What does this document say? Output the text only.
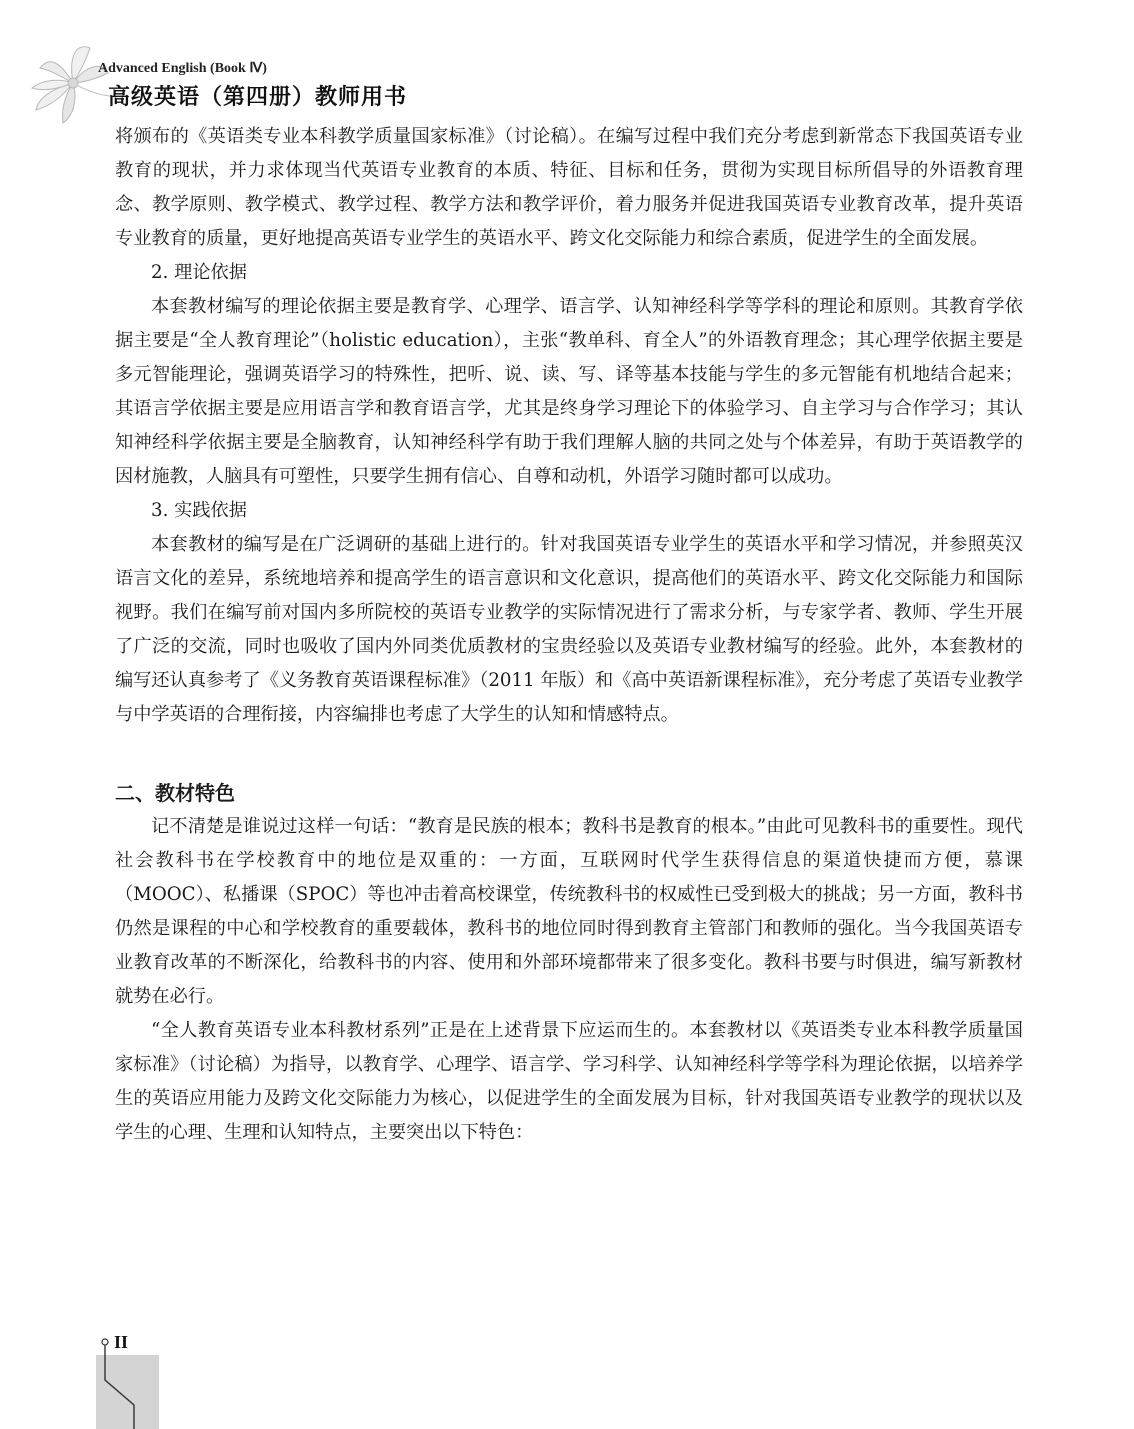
Advanced English (Book Ⅳ)
高级英语（第四册）教师用书

将颁布的《英语类专业本科教学质量国家标准》（讨论稿）。在编写过程中我们充分考虑到新常态下我国英语专业教育的现状，并力求体现当代英语专业教育的本质、特征、目标和任务，贯彻为实现目标所倡导的外语教育理念、教学原则、教学模式、教学过程、教学方法和教学评价，着力服务并促进我国英语专业教育改革，提升英语专业教育的质量，更好地提高英语专业学生的英语水平、跨文化交际能力和综合素质，促进学生的全面发展。

2. 理论依据

本套教材编写的理论依据主要是教育学、心理学、语言学、认知神经科学等学科的理论和原则。其教育学依据主要是“全人教育理论”（holistic education），主张“教单科、育全人”的外语教育理念；其心理学依据主要是多元智能理论，强调英语学习的特殊性，把听、说、读、写、译等基本技能与学生的多元智能有机地结合起来；其语言学依据主要是应用语言学和教育语言学，尤其是终身学习理论下的体验学习、自主学习与合作学习；其认知神经科学依据主要是全脑教育，认知神经科学有助于我们理解人脑的共同之处与个体差异，有助于英语教学的因材施教，人脑具有可塑性，只要学生拥有信心、自尊和动机，外语学习随时都可以成功。

3. 实践依据

本套教材的编写是在广泛调研的基础上进行的。针对我国英语专业学生的英语水平和学习情况，并参照英汉语言文化的差异，系统地培养和提高学生的语言意识和文化意识，提高他们的英语水平、跨文化交际能力和国际视野。我们在编写前对国内多所院校的英语专业教学的实际情况进行了需求分析，与专家学者、教师、学生开展了广泛的交流，同时也吸收了国内外同类优质教材的宝贵经验以及英语专业教材编写的经验。此外，本套教材的编写还认真参考了《义务教育英语课程标准》（2011 年版）和《高中英语新课程标准》，充分考虑了英语专业教学与中学英语的合理衔接，内容编排也考虑了大学生的认知和情感特点。

二、教材特色

记不清楚是谁说过这样一句话：“教育是民族的根本；教科书是教育的根本。”由此可见教科书的重要性。现代社会教科书在学校教育中的地位是双重的：一方面，互联网时代学生获得信息的渠道快捷而方便，慕课（MOOC）、私播课（SPOC）等也冲击着高校课堂，传统教科书的权威性已受到极大的挑战；另一方面，教科书仍然是课程的中心和学校教育的重要载体，教科书的地位同时得到教育主管部门和教师的强化。当今我国英语专业教育改革的不断深化，给教科书的内容、使用和外部环境都带来了很多变化。教科书要与时俱进，编写新教材就势在必行。

“全人教育英语专业本科教材系列”正是在上述背景下应运而生的。本套教材以《英语类专业本科教学质量国家标准》（讨论稿）为指导，以教育学、心理学、语言学、学习科学、认知神经科学等学科为理论依据，以培养学生的英语应用能力及跨文化交际能力为核心，以促进学生的全面发展为目标，针对我国英语专业教学的现状以及学生的心理、生理和认知特点，主要突出以下特色：

II
